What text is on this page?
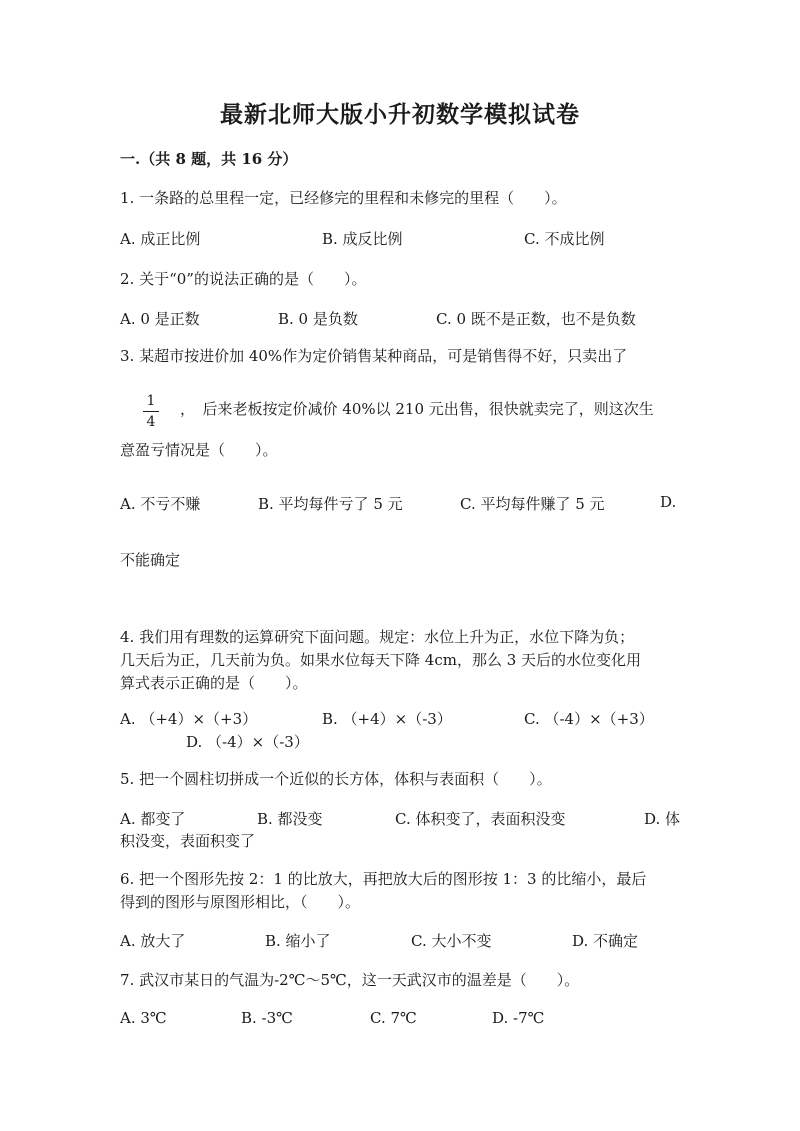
最新北师大版小升初数学模拟试卷
一.（共 8 题，共 16 分）
1. 一条路的总里程一定，已经修完的里程和未修完的里程（　　）。
A. 成正比例	B. 成反比例	C. 不成比例
2. 关于“0”的说法正确的是（　　）。
A. 0 是正数	B. 0 是负数	C. 0 既不是正数，也不是负数
3. 某超市按进价加 40%作为定价销售某种商品，可是销售得不好，只卖出了
1
4
，　后来老板按定价减价 40%以 210 元出售，很快就卖完了，则这次生
意盈亏情况是（　　）。
A. 不亏不赚	B. 平均每件亏了 5 元	C. 平均每件赚了 5 元	D.
不能确定
4. 我们用有理数的运算研究下面问题。规定：水位上升为正，水位下降为负；
几天后为正，几天前为负。如果水位每天下降 4cm，那么 3 天后的水位变化用
算式表示正确的是（　　）。
A. （+4）×（+3）	B. （+4）×（-3）	C. （-4）×（+3）
D. （-4）×（-3）
5. 把一个圆柱切拼成一个近似的长方体，体积与表面积（　　）。
A. 都变了	B. 都没变	C. 体积变了，表面积没变	D. 体
积没变，表面积变了
6. 把一个图形先按 2：1 的比放大，再把放大后的图形按 1：3 的比缩小，最后
得到的图形与原图形相比，（　　）。
A. 放大了	B. 缩小了	C. 大小不变	D. 不确定
7. 武汉市某日的气温为-2℃～5℃，这一天武汉市的温差是（　　）。
A. 3℃	B. -3℃	C. 7℃	D. -7℃
